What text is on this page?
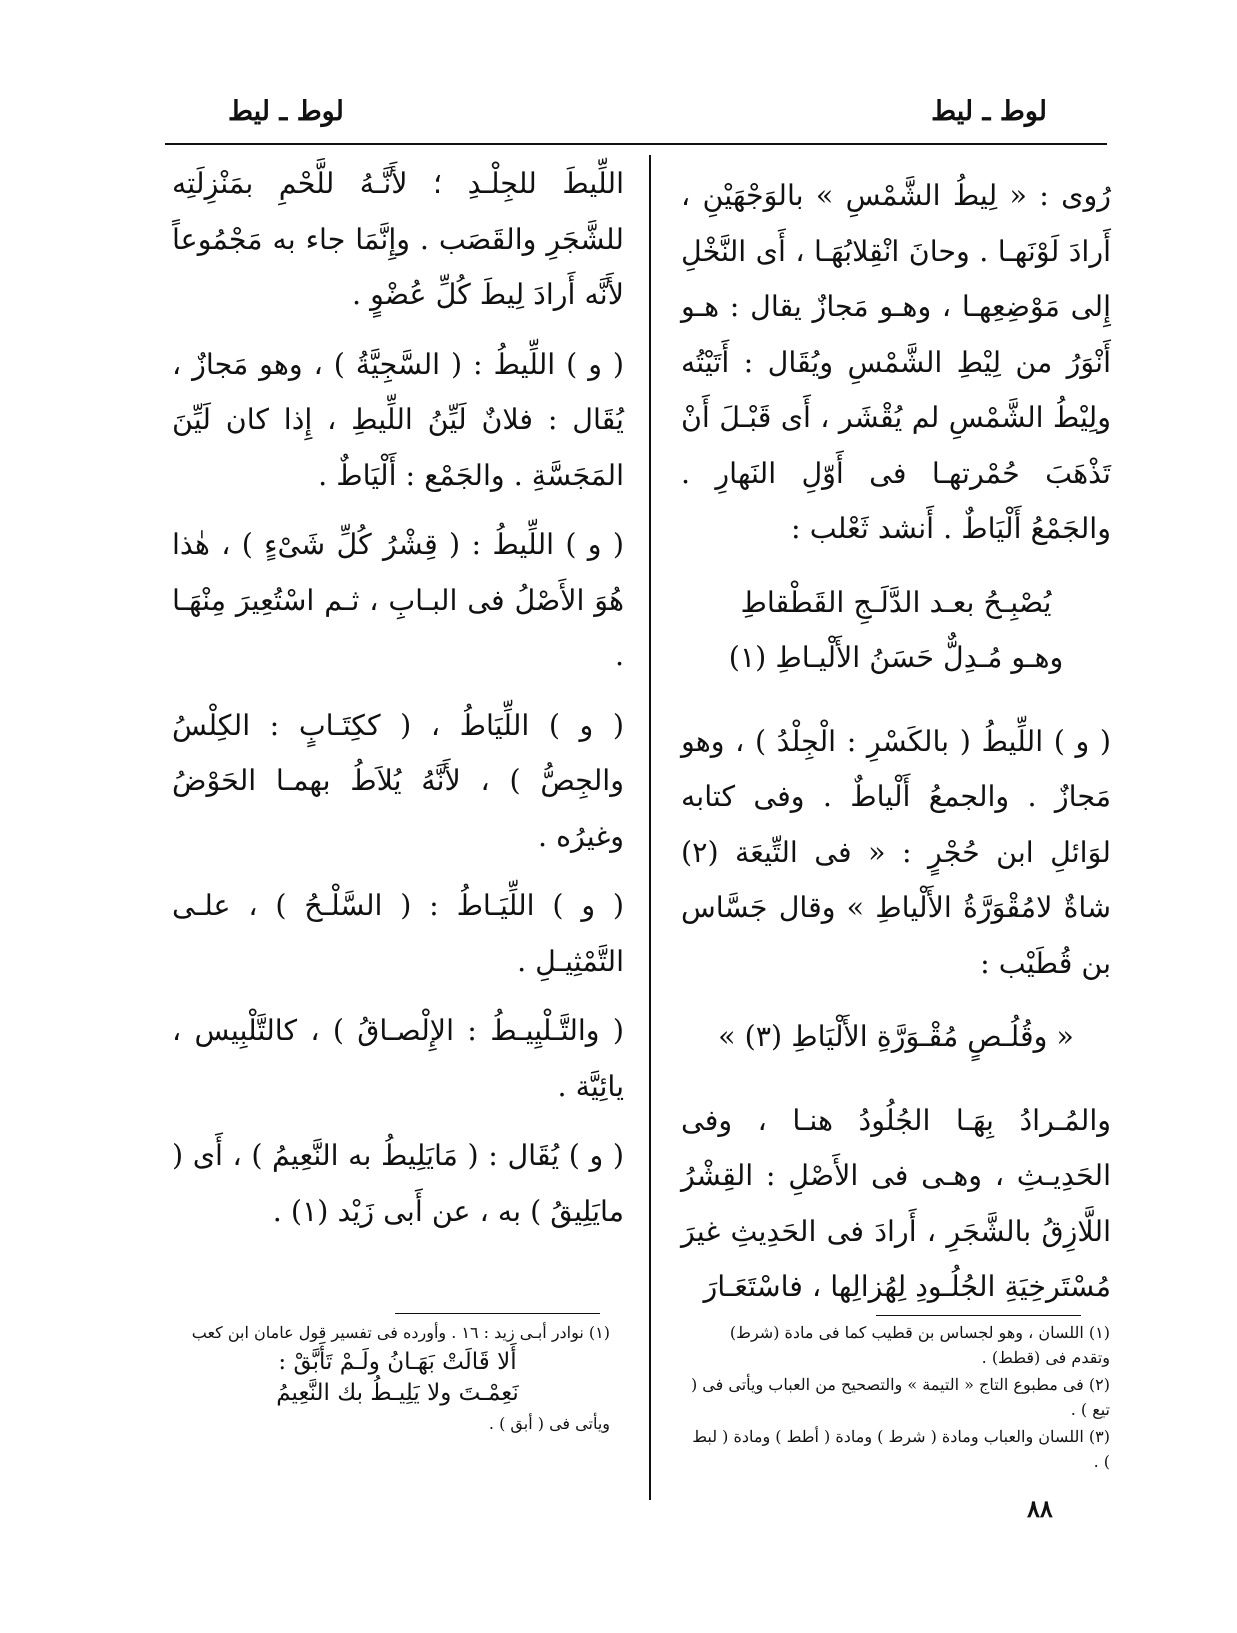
لوط ـ ليط	لوط ـ ليط

رُوى : « لِيطُ الشَّمْسِ » بالوَجْهَيْنِ ، أَرادَ لَوْنَهـا . وحانَ انْقِلابُهَـا ، أَى النَّخْلِ إِلى مَوْضِعِهـا ، وهـو مَجازٌ يقال : هـو أَنْوَرُ من لِيْطِ الشَّمْسِ ويُقَال : أَتَيْتُه ولِيْطُ الشَّمْسِ لم يُقْشَر ، أَى قَبْـلَ أَنْ تَذْهَبَ حُمْرتهـا فى أَوّلِ النَهارِ . والجَمْعُ أَلْيَاطٌ . أَنشد ثَعْلب :

يُصْبِـحُ بعـد الدَّلَـجِ القَطْقاطِ
وهـو مُـدِلٌّ حَسَنُ الأَلْيـاطِ (١)

( و ) اللِّيطُ ( بالكَسْرِ : الْجِلْدُ ) ، وهو مَجازٌ . والجمعُ أَلْياطٌ . وفى كتابه لوَائلِ ابن حُجْرٍ : « فى التِّيعَة (٢) شاةٌ لامُقْوَرَّةُ الأَلْياطِ » وقال جَسَّاس بن قُطَيْب :

« وقُلُـصٍ مُقْـوَرَّةِ الأَلْيَاطِ (٣) »

والمُـرادُ بِهَـا الجُلُودُ هنـا ، وفى الحَدِيـثِ ، وهـى فى الأَصْلِ : القِشْرُ اللَّازِقُ بالشَّجَرِ ، أَرادَ فى الحَدِيثِ غيرَ مُسْتَرخِيَةِ الجُلُـودِ لِهُزالِها ، فاسْتَعَـارَ

اللِّيطَ للجِلْـدِ ؛ لأَنَّـهُ للَّحْمِ بمَنْزِلَتِه للشَّجَرِ والقَصَب . وإِنَّمَا جاء به مَجْمُوعاً لأَنَّه أَرادَ لِيطَ كُلِّ عُضْوٍ .

( و ) اللِّيطُ : ( السَّجِيَّةُ ) ، وهو مَجازٌ ، يُقَال : فلانٌ لَيِّنُ اللِّيطِ ، إِذا كان لَيِّنَ المَجَسَّةِ . والجَمْع : أَلْيَاطٌ .

( و ) اللِّيطُ : ( قِشْرُ كُلِّ شَىْءٍ ) ، هٰذا هُوَ الأَصْلُ فى البـابِ ، ثـم اسْتُعِيرَ مِنْهَـا .

( و ) اللِّيَاطُ ، ( ككِتَـابٍ : الكِلْسُ والجِصُّ ) ، لأَنَّهُ يُلاَطُ بهمـا الحَوْضُ وغيرُه .

( و ) اللِّيَـاطُ : ( السَّلْـحُ ) ، علـى التَّمْثِيـلِ .

( والتَّـلْيِيـطُ : الإِلْصـاقُ ) ، كالتَّلْبِيس ، يائِيَّة .

( و ) يُقَال : ( مَايَلِيطُ به النَّعِيمُ ) ، أَى ( مايَلِيقُ ) به ، عن أَبى زَيْد (١) .

(١) اللسان ، وهو لجساس بن قطيب كما فى مادة (شرط) وتقدم فى (قطط) .

(٢) فى مطبوع التاج « التيمة » والتصحيح من العباب ويأتى فى ( تيع ) .

(٣) اللسان والعباب ومادة ( شرط ) ومادة ( أطط ) ومادة ( لبط ) .

(١) نوادر أبـى زيد : ١٦ . وأورده فى تفسير قول عامان ابن كعب

أَلا قَالَتْ بَهَـانُ ولَـمْ تَأَبَّقْ :
نَعِمْـتَ ولا يَلِيـطُ بك النَّعِيمُ

ويأتى فى ( أبق ) .

٨٨
